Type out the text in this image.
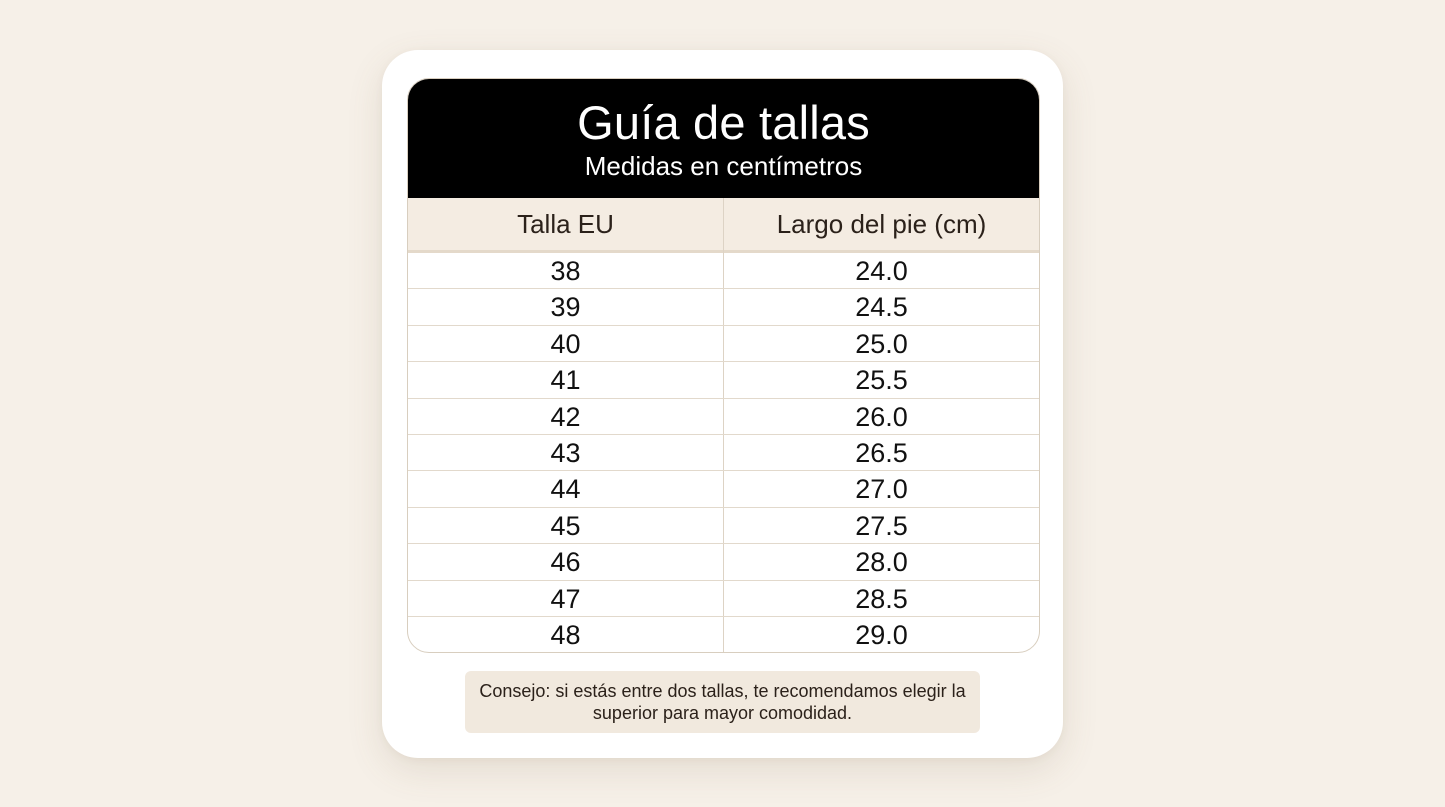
Guía de tallas
Medidas en centímetros
Talla EU	Largo del pie (cm)
38	24.0
39	24.5
40	25.0
41	25.5
42	26.0
43	26.5
44	27.0
45	27.5
46	28.0
47	28.5
48	29.0
Consejo: si estás entre dos tallas, te recomendamos elegir la superior para mayor comodidad.
